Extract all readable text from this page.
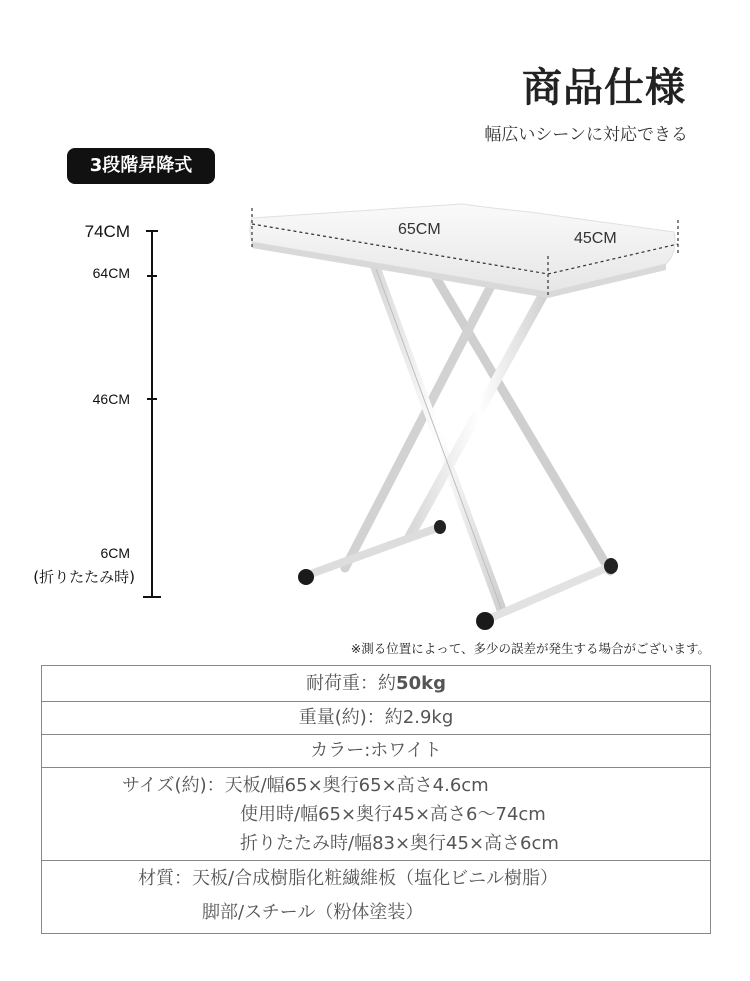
商品仕様
幅広いシーンに対応できる
3段階昇降式
74CM
64CM
46CM
6CM
(折りたたみ時)
65CM
45CM
※測る位置によって、多少の誤差が発生する場合がございます。
耐荷重：約50kg
重量(約)：約2.9kg
カラー:ホワイト
サイズ(約)：天板/幅65×奥行65×高さ4.6cm
使用時/幅65×奥行45×高さ6～74cm
折りたたみ時/幅83×奥行45×高さ6cm
材質：天板/合成樹脂化粧繊維板（塩化ビニル樹脂）
脚部/スチール（粉体塗装）
